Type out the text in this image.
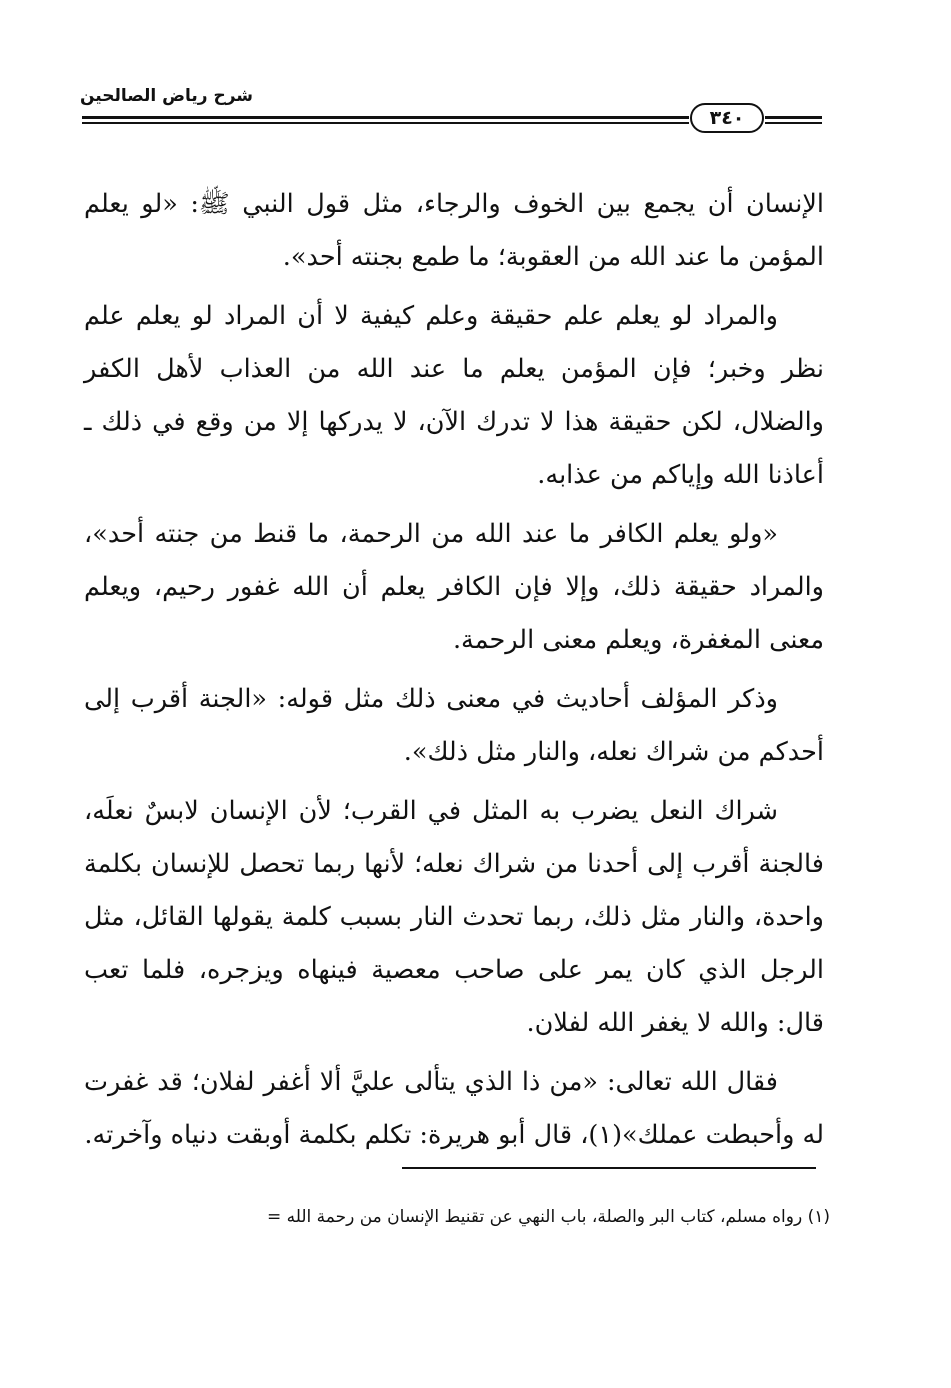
شرح رياض الصالحين
٣٤٠

الإنسان أن يجمع بين الخوف والرجاء، مثل قول النبي ﷺ: «لو يعلم المؤمن ما عند الله من العقوبة؛ ما طمع بجنته أحد».

والمراد لو يعلم علم حقيقة وعلم كيفية لا أن المراد لو يعلم علم نظر وخبر؛ فإن المؤمن يعلم ما عند الله من العذاب لأهل الكفر والضلال، لكن حقيقة هذا لا تدرك الآن، لا يدركها إلا من وقع في ذلك ـ أعاذنا الله وإياكم من عذابه.

«ولو يعلم الكافر ما عند الله من الرحمة، ما قنط من جنته أحد»، والمراد حقيقة ذلك، وإلا فإن الكافر يعلم أن الله غفور رحيم، ويعلم معنى المغفرة، ويعلم معنى الرحمة.

وذكر المؤلف أحاديث في معنى ذلك مثل قوله: «الجنة أقرب إلى أحدكم من شراك نعله، والنار مثل ذلك».

شراك النعل يضرب به المثل في القرب؛ لأن الإنسان لابسٌ نعلَه، فالجنة أقرب إلى أحدنا من شراك نعله؛ لأنها ربما تحصل للإنسان بكلمة واحدة، والنار مثل ذلك، ربما تحدث النار بسبب كلمة يقولها القائل، مثل الرجل الذي كان يمر على صاحب معصية فينهاه ويزجره، فلما تعب قال: والله لا يغفر الله لفلان.

فقال الله تعالى: «من ذا الذي يتألى عليَّ ألا أغفر لفلان؛ قد غفرت له وأحبطت عملك»(١)، قال أبو هريرة: تكلم بكلمة أوبقت دنياه وآخرته.

(١) رواه مسلم، كتاب البر والصلة، باب النهي عن تقنيط الإنسان من رحمة الله =
